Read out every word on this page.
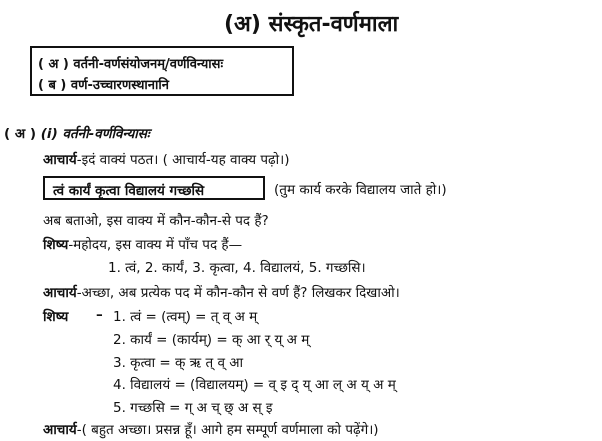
(अ) संस्कृत-वर्णमाला
( अ ) वर्तनी-वर्णसंयोजनम्/वर्णविन्यासः
( ब ) वर्ण-उच्चारणस्थानानि
( अ ) (i) वर्तनी-वर्णविन्यासः
आचार्य-इदं वाक्यं पठत। ( आचार्य-यह वाक्य पढ़ो।)
त्वं कार्यं कृत्वा विद्यालयं गच्छसि	(तुम कार्य करके विद्यालय जाते हो।)
अब बताओ, इस वाक्य में कौन-कौन-से पद हैं?
शिष्य-महोदय, इस वाक्य में पाँच पद हैं—
1. त्वं, 2. कार्यं, 3. कृत्वा, 4. विद्यालयं, 5. गच्छसि।
आचार्य-अच्छा, अब प्रत्येक पद में कौन-कौन से वर्ण हैं? लिखकर दिखाओ।
शिष्य – 1. त्वं = (त्वम्) = त् व् अ म्
2. कार्यं = (कार्यम्) = क् आ र् य् अ म्
3. कृत्वा = क् ऋ त् व् आ
4. विद्यालयं = (विद्यालयम्) = व् इ द् य् आ ल् अ य् अ म्
5. गच्छसि = ग् अ च् छ् अ स् इ
आचार्य-( बहुत अच्छा। प्रसन्न हूँ। आगे हम सम्पूर्ण वर्णमाला को पढ़ेंगे।)
